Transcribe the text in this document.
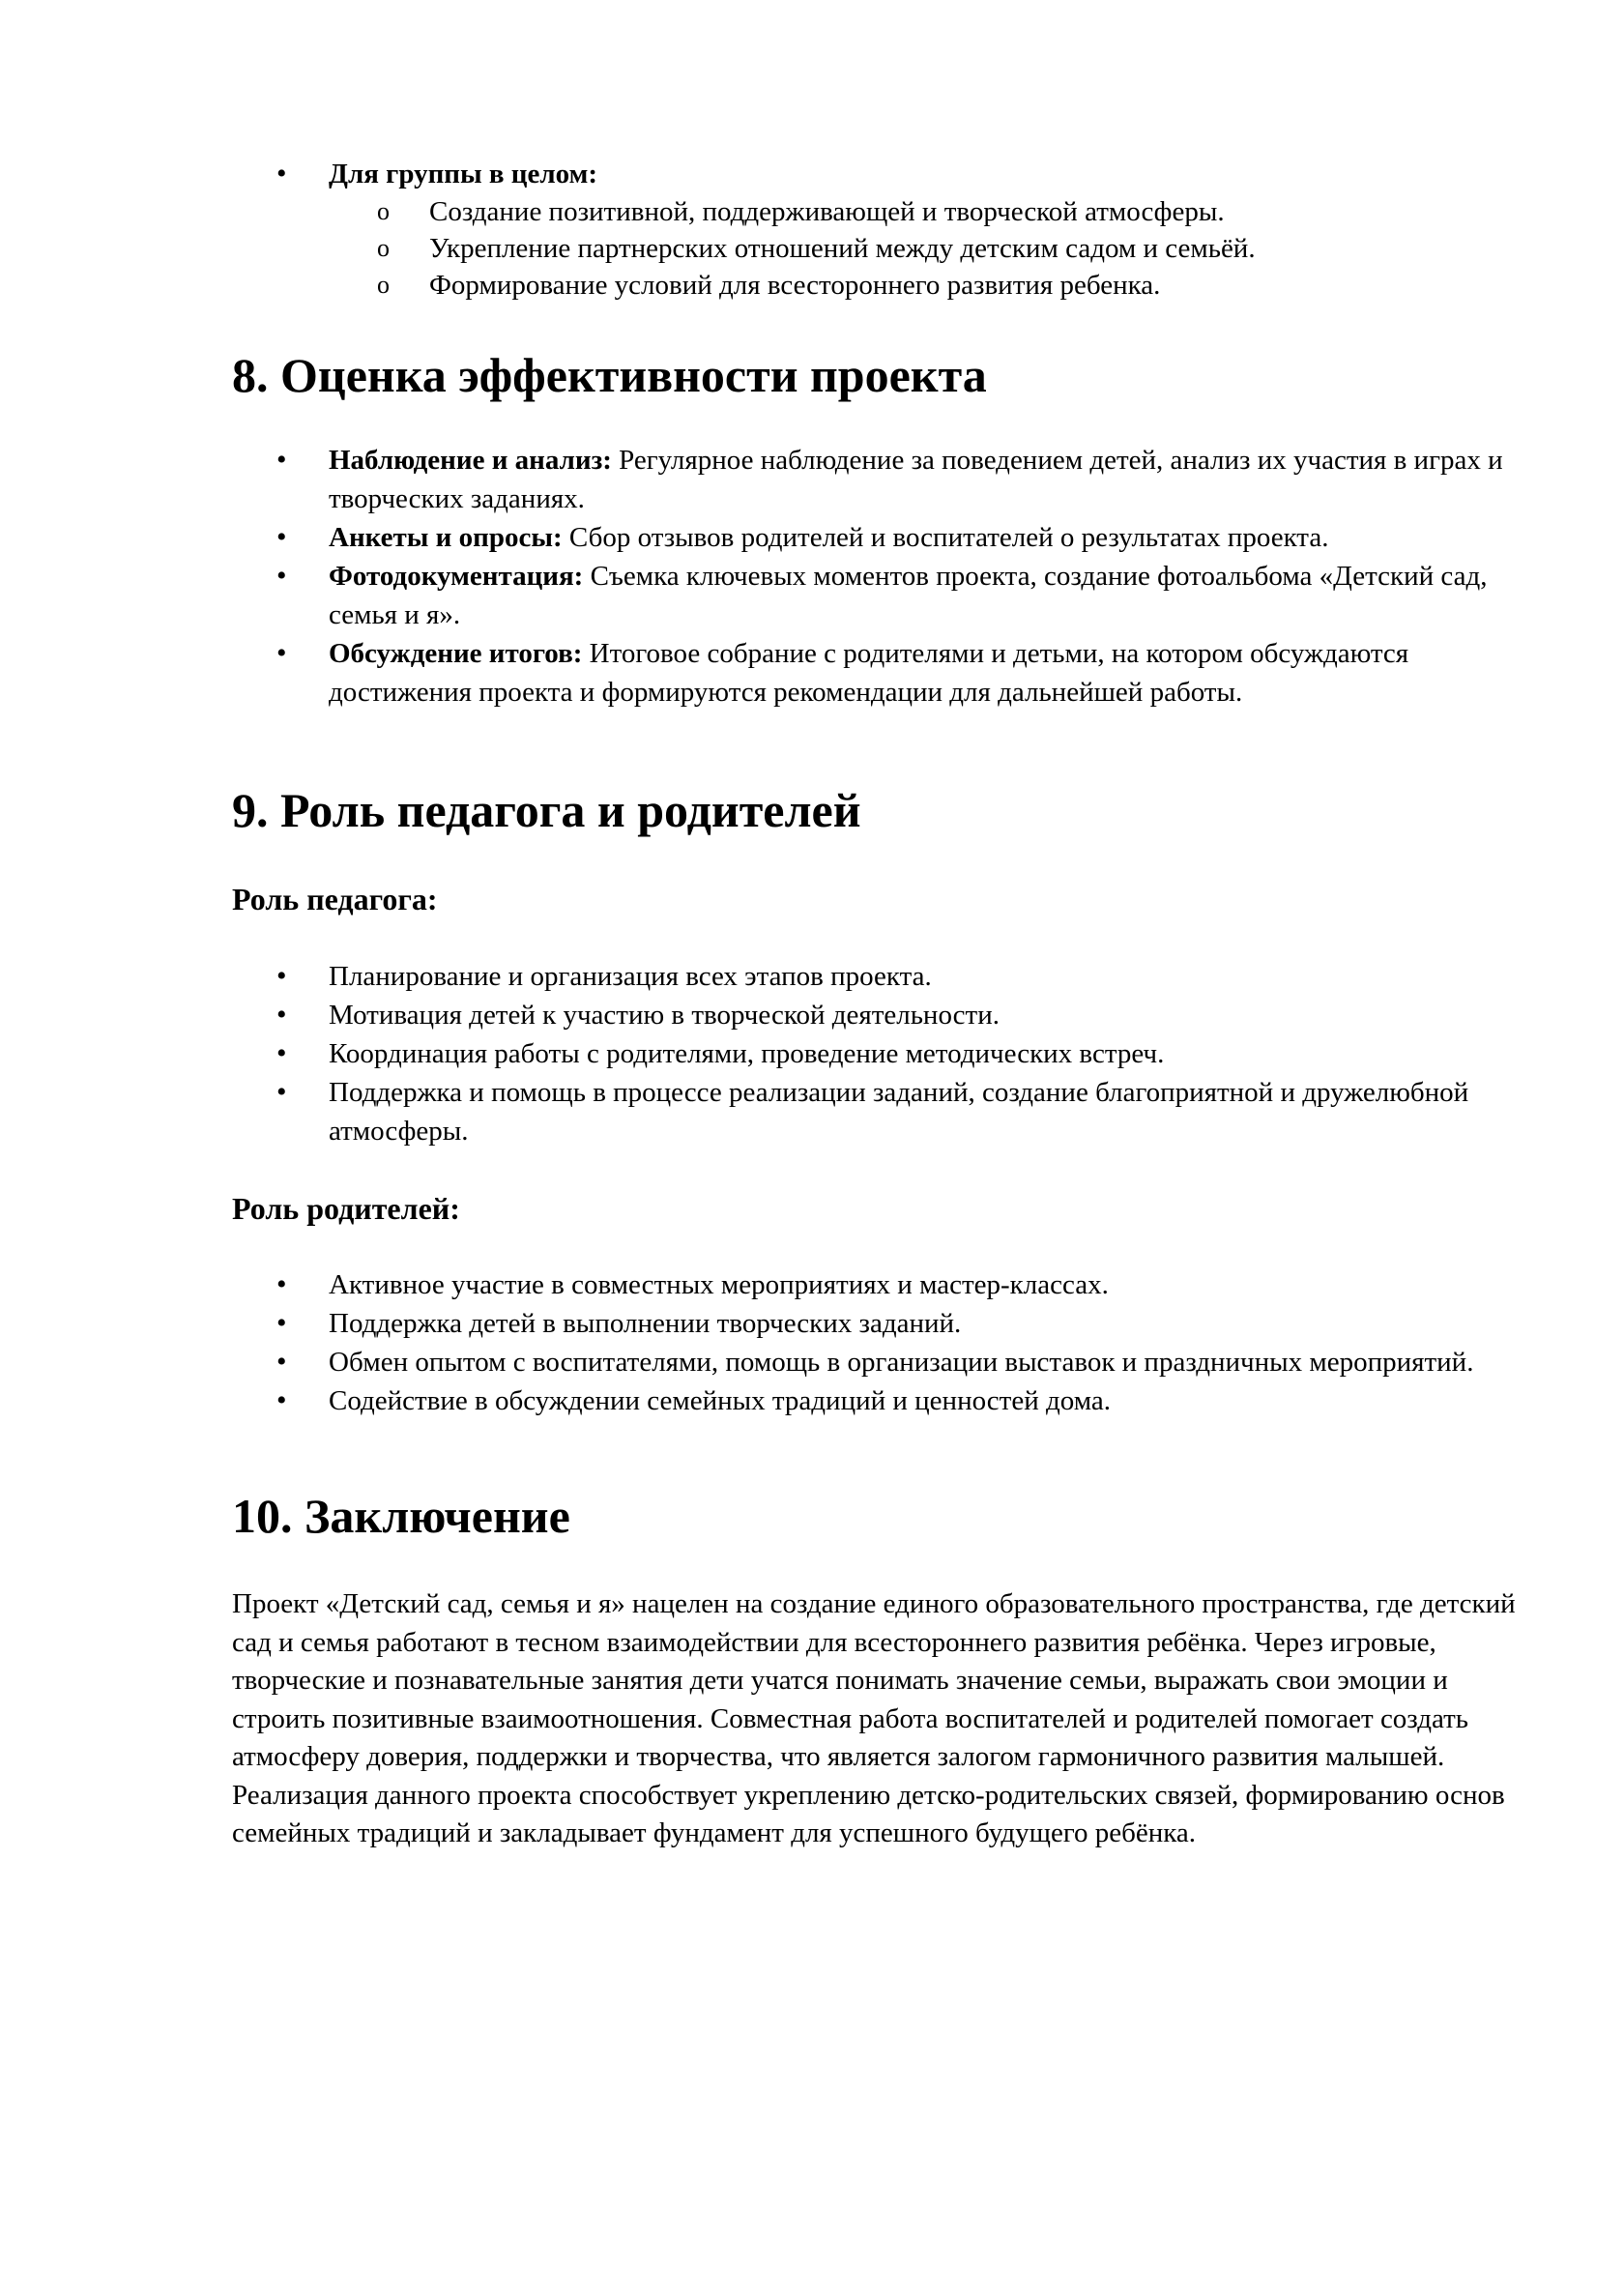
• Для группы в целом:
o Создание позитивной, поддерживающей и творческой атмосферы.
o Укрепление партнерских отношений между детским садом и семьёй.
o Формирование условий для всестороннего развития ребенка.
8. Оценка эффективности проекта
• Наблюдение и анализ: Регулярное наблюдение за поведением детей, анализ их участия в играх и творческих заданиях.
• Анкеты и опросы: Сбор отзывов родителей и воспитателей о результатах проекта.
• Фотодокументация: Съемка ключевых моментов проекта, создание фотоальбома «Детский сад, семья и я».
• Обсуждение итогов: Итоговое собрание с родителями и детьми, на котором обсуждаются достижения проекта и формируются рекомендации для дальнейшей работы.
9. Роль педагога и родителей
Роль педагога:
• Планирование и организация всех этапов проекта.
• Мотивация детей к участию в творческой деятельности.
• Координация работы с родителями, проведение методических встреч.
• Поддержка и помощь в процессе реализации заданий, создание благоприятной и дружелюбной атмосферы.
Роль родителей:
• Активное участие в совместных мероприятиях и мастер-классах.
• Поддержка детей в выполнении творческих заданий.
• Обмен опытом с воспитателями, помощь в организации выставок и праздничных мероприятий.
• Содействие в обсуждении семейных традиций и ценностей дома.
10. Заключение

Проект «Детский сад, семья и я» нацелен на создание единого образовательного пространства, где детский сад и семья работают в тесном взаимодействии для всестороннего развития ребёнка. Через игровые, творческие и познавательные занятия дети учатся понимать значение семьи, выражать свои эмоции и строить позитивные взаимоотношения. Совместная работа воспитателей и родителей помогает создать атмосферу доверия, поддержки и творчества, что является залогом гармоничного развития малышей. Реализация данного проекта способствует укреплению детско-родительских связей, формированию основ семейных традиций и закладывает фундамент для успешного будущего ребёнка.
